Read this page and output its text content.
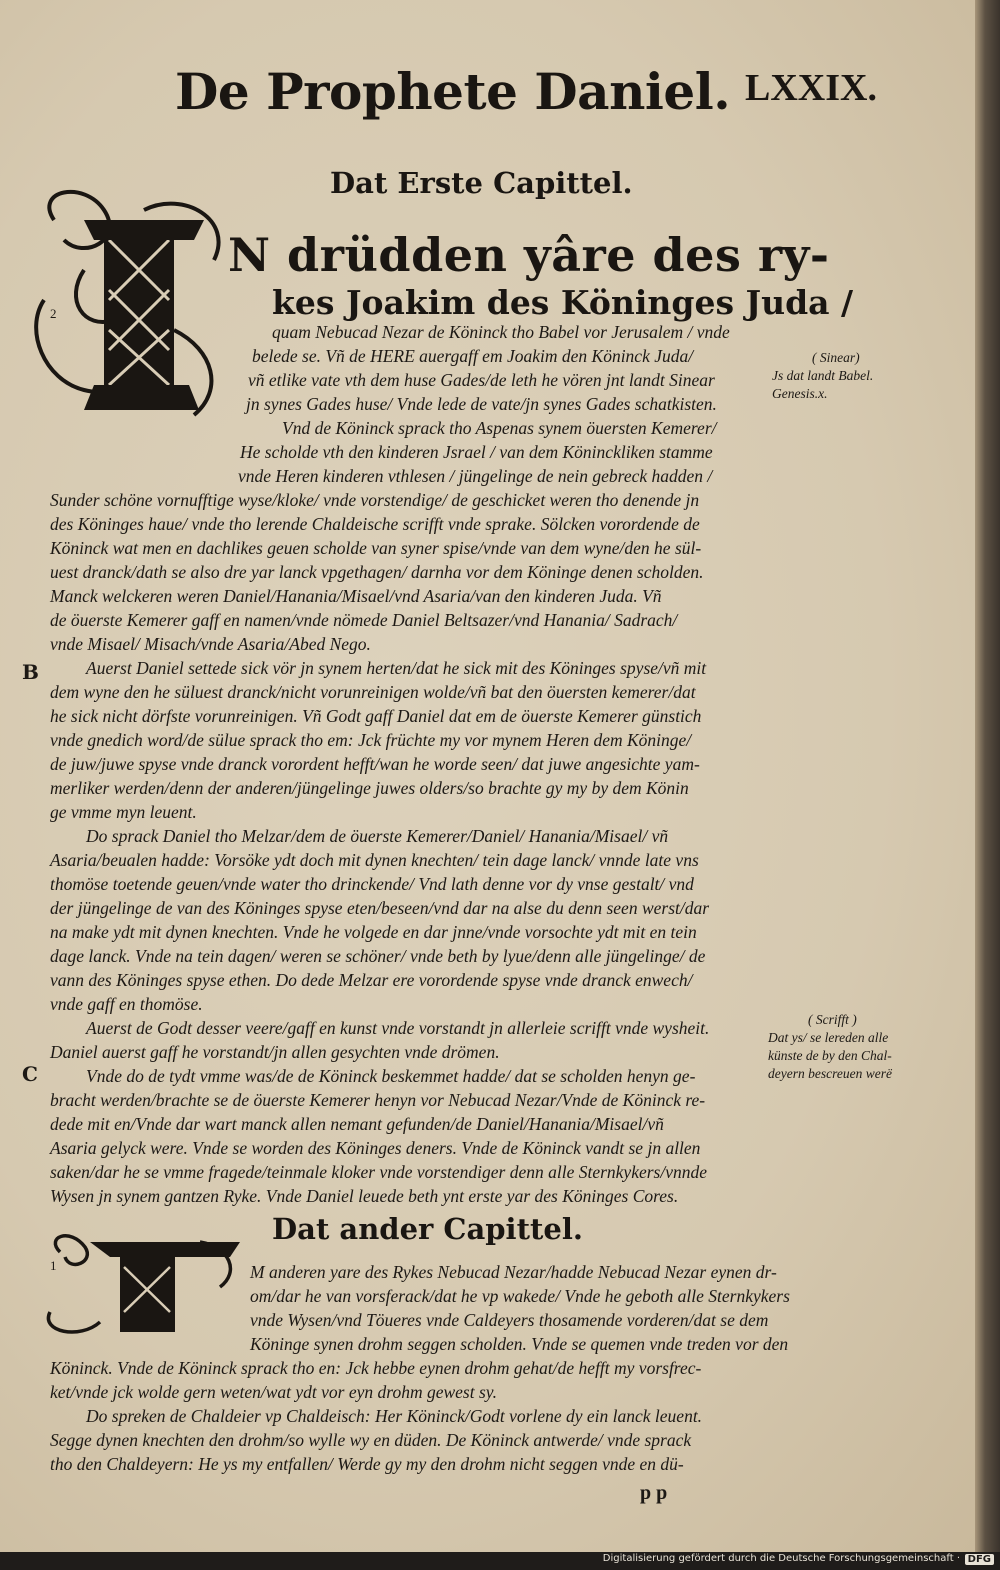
De Prophete Daniel. LXXIX.
Dat Erste Capittel.
N drüdden yâre des ry-
kes Joakim des Köninges Juda /
quam Nebucad Nezar de Köninck tho Babel vor Jerusalem / vnde
belede se. Vñ de HERE auergaff em Joakim den Köninck Juda/
vñ etlike vate vth dem huse Gades/de leth he vören jnt landt Sinear
jn synes Gades huse/ Vnde lede de vate/jn synes Gades schatkisten.
Vnd de Köninck sprack tho Aspenas synem öuersten Kemerer/
He scholde vth den kinderen Jsrael / van dem Köninckliken stamme
vnde Heren kinderen vthlesen / jüngelinge de nein gebreck hadden /
Sunder schöne vornufftige wyse/kloke/ vnde vorstendige/ de geschicket weren tho denende jn
des Köninges haue/ vnde tho lerende Chaldeische scrifft vnde sprake. Sölcken vorordende de
Köninck wat men en dachlikes geuen scholde van syner spise/vnde van dem wyne/den he sül-
uest dranck/dath se also dre yar lanck vpgethagen/ darnha vor dem Köninge denen scholden.
Manck welckeren weren Daniel/Hanania/Misael/vnd Asaria/van den kinderen Juda. Vñ
de öuerste Kemerer gaff en namen/vnde nömede Daniel Beltsazer/vnd Hanania/ Sadrach/
vnde Misael/ Misach/vnde Asaria/Abed Nego.
Auerst Daniel settede sick vör jn synem herten/dat he sick mit des Köninges spyse/vñ mit
dem wyne den he süluest dranck/nicht vorunreinigen wolde/vñ bat den öuersten kemerer/dat
he sick nicht dörfste vorunreinigen. Vñ Godt gaff Daniel dat em de öuerste Kemerer günstich
vnde gnedich word/de sülue sprack tho em: Jck früchte my vor mynem Heren dem Köninge/
de juw/juwe spyse vnde dranck vorordent hefft/wan he worde seen/ dat juwe angesichte yam-
merliker werden/denn der anderen/jüngelinge juwes olders/so brachte gy my by dem Könin
ge vmme myn leuent.
Do sprack Daniel tho Melzar/dem de öuerste Kemerer/Daniel/ Hanania/Misael/ vñ
Asaria/beualen hadde: Vorsöke ydt doch mit dynen knechten/ tein dage lanck/ vnnde late vns
thomöse toetende geuen/vnde water tho drinckende/ Vnd lath denne vor dy vnse gestalt/ vnd
der jüngelinge de van des Köninges spyse eten/beseen/vnd dar na alse du denn seen werst/dar
na make ydt mit dynen knechten. Vnde he volgede en dar jnne/vnde vorsochte ydt mit en tein
dage lanck. Vnde na tein dagen/ weren se schöner/ vnde beth by lyue/denn alle jüngelinge/ de
vann des Köninges spyse ethen. Do dede Melzar ere vorordende spyse vnde dranck enwech/
vnde gaff en thomöse.
Auerst de Godt desser veere/gaff en kunst vnde vorstandt jn allerleie scrifft vnde wysheit.
Daniel auerst gaff he vorstandt/jn allen gesychten vnde drömen.
Vnde do de tydt vmme was/de de Köninck beskemmet hadde/ dat se scholden henyn ge-
bracht werden/brachte se de öuerste Kemerer henyn vor Nebucad Nezar/Vnde de Köninck re-
dede mit en/Vnde dar wart manck allen nemant gefunden/de Daniel/Hanania/Misael/vñ
Asaria gelyck were. Vnde se worden des Köninges deners. Vnde de Köninck vandt se jn allen
saken/dar he se vmme fragede/teinmale kloker vnde vorstendiger denn alle Sternkykers/vnnde
Wysen jn synem gantzen Ryke. Vnde Daniel leuede beth ynt erste yar des Köninges Cores.
Dat ander Capittel.
M anderen yare des Rykes Nebucad Nezar/hadde Nebucad Nezar eynen dr-
om/dar he van vorsferack/dat he vp wakede/ Vnde he geboth alle Sternkykers
vnde Wysen/vnd Töueres vnde Caldeyers thosamende vorderen/dat se dem
Köninge synen drohm seggen scholden. Vnde se quemen vnde treden vor den
Köninck. Vnde de Köninck sprack tho en: Jck hebbe eynen drohm gehat/de hefft my vorsfrec-
ket/vnde jck wolde gern weten/wat ydt vor eyn drohm gewest sy.
Do spreken de Chaldeier vp Chaldeisch: Her Köninck/Godt vorlene dy ein lanck leuent.
Segge dynen knechten den drohm/so wylle wy en düden. De Köninck antwerde/ vnde sprack
tho den Chaldeyern: He ys my entfallen/ Werde gy my den drohm nicht seggen vnde en dü-
p p
( Sinear)
Js dat landt Babel.
Genesis.x.
( Scrifft )
Dat ys/ se lereden alle
künste de by den Chal-
deyern bescreuen werë
B
C
2
1
Digitalisierung gefördert durch die Deutsche Forschungsgemeinschaft · DFG
